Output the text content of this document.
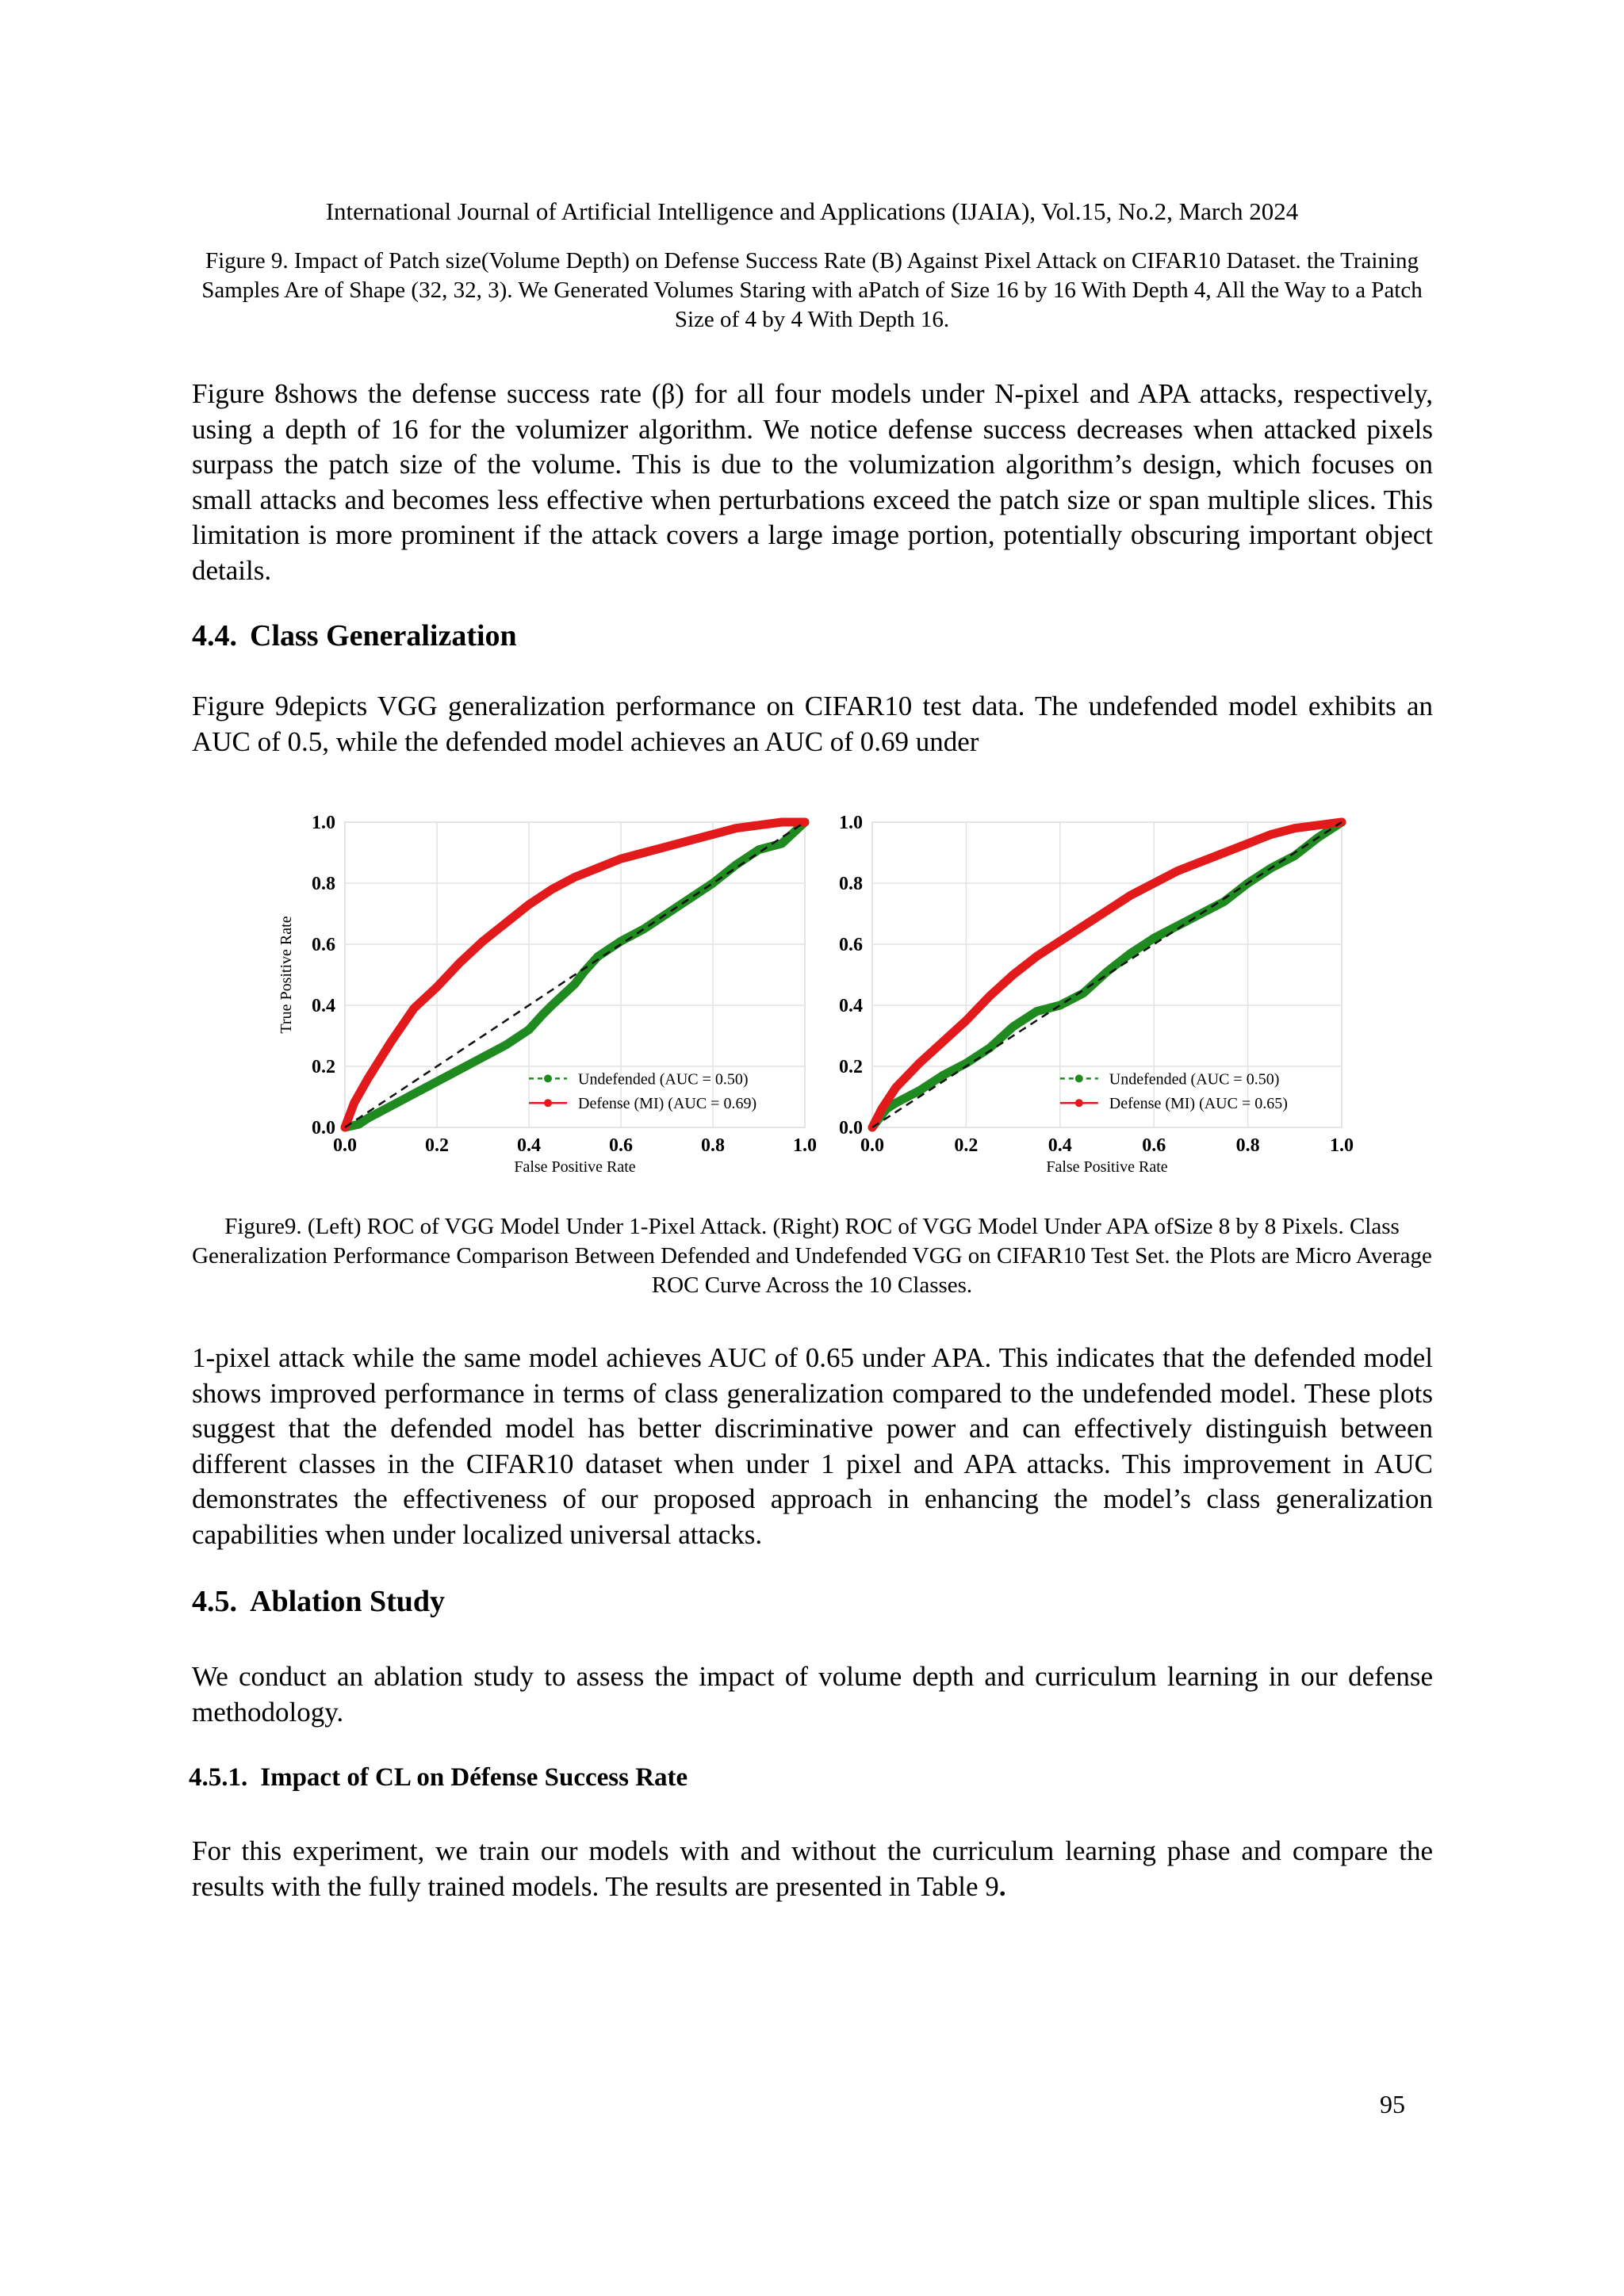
International Journal of Artificial Intelligence and Applications (IJAIA), Vol.15, No.2, March 2024
Figure 9. Impact of Patch size(Volume Depth) on Defense Success Rate (B) Against Pixel Attack on CIFAR10 Dataset. the Training Samples Are of Shape (32, 32, 3). We Generated Volumes Staring with aPatch of Size 16 by 16 With Depth 4, All the Way to a Patch Size of 4 by 4 With Depth 16.
Figure 8shows the defense success rate (β) for all four models under N-pixel and APA attacks, respectively, using a depth of 16 for the volumizer algorithm. We notice defense success decreases when attacked pixels surpass the patch size of the volume. This is due to the volumization algorithm’s design, which focuses on small attacks and becomes less effective when perturbations exceed the patch size or span multiple slices. This limitation is more prominent if the attack covers a large image portion, potentially obscuring important object details.
4.4. Class Generalization
Figure 9depicts VGG generalization performance on CIFAR10 test data. The undefended model exhibits an AUC of 0.5, while the defended model achieves an AUC of 0.69 under
0.0	0.2	0.4	0.6	0.8	1.0
0.0
0.2
0.4
0.6
0.8
1.0
False Positive Rate
True Positive Rate
Undefended (AUC = 0.50)
Defense (MI) (AUC = 0.69)
0.0	0.2	0.4	0.6	0.8	1.0
0.0
0.2
0.4
0.6
0.8
1.0
False Positive Rate
Undefended (AUC = 0.50)
Defense (MI) (AUC = 0.65)
Figure9. (Left) ROC of VGG Model Under 1-Pixel Attack. (Right) ROC of VGG Model Under APA ofSize 8 by 8 Pixels. Class Generalization Performance Comparison Between Defended and Undefended VGG on CIFAR10 Test Set. the Plots are Micro Average ROC Curve Across the 10 Classes.
1-pixel attack while the same model achieves AUC of 0.65 under APA. This indicates that the defended model shows improved performance in terms of class generalization compared to the undefended model. These plots suggest that the defended model has better discriminative power and can effectively distinguish between different classes in the CIFAR10 dataset when under 1 pixel and APA attacks. This improvement in AUC demonstrates the effectiveness of our proposed approach in enhancing the model’s class generalization capabilities when under localized universal attacks.
4.5. Ablation Study
We conduct an ablation study to assess the impact of volume depth and curriculum learning in our defense methodology.
4.5.1. Impact of CL on Défense Success Rate
For this experiment, we train our models with and without the curriculum learning phase and compare the results with the fully trained models. The results are presented in Table 9.
95
